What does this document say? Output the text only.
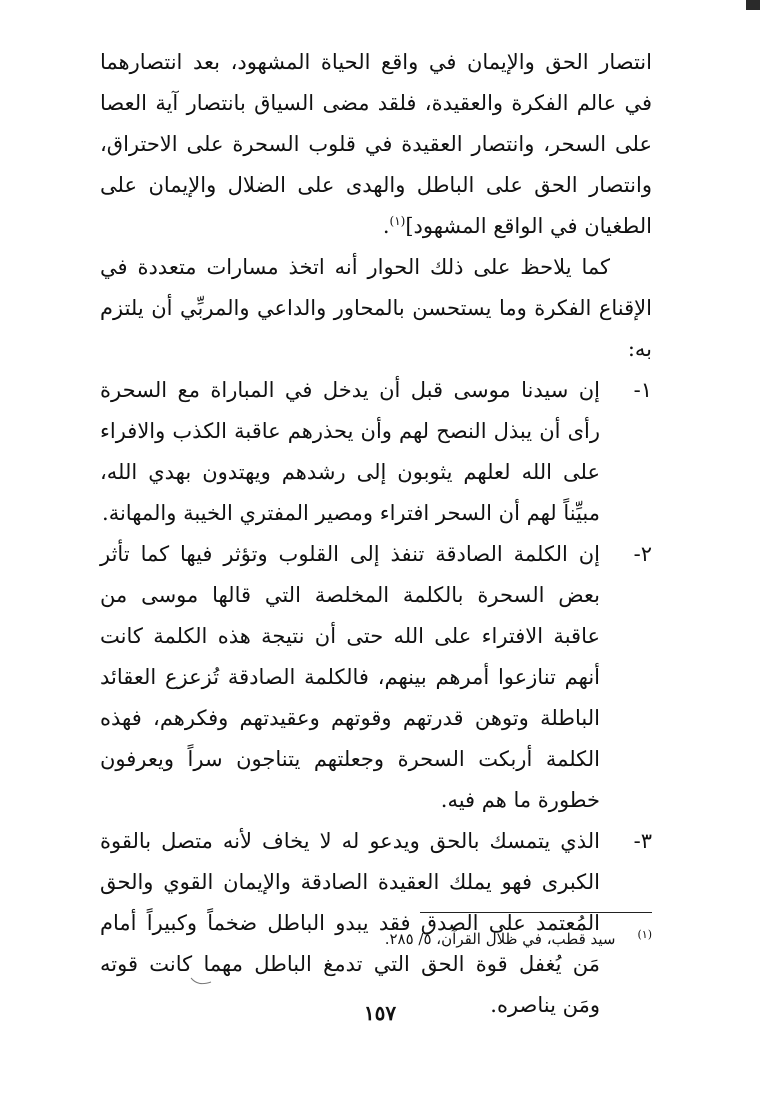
انتصار الحق والإيمان في واقع الحياة المشهود، بعد انتصارهما في عالم الفكرة والعقيدة، فلقد مضى السياق بانتصار آية العصا على السحر، وانتصار العقيدة في قلوب السحرة على الاحتراق، وانتصار الحق على الباطل والهدى على الضلال والإيمان على الطغيان في الواقع المشهود]$^{(١)}$.

كما يلاحظ على ذلك الحوار أنه اتخذ مسارات متعددة في الإقناع الفكرة وما يستحسن بالمحاور والداعي والمربِّي أن يلتزم به:

١-
إن سيدنا موسى قبل أن يدخل في المباراة مع السحرة رأى أن يبذل النصح لهم وأن يحذرهم عاقبة الكذب والافراء على الله لعلهم يثوبون إلى رشدهم ويهتدون بهدي الله، مبيِّناً لهم أن السحر افتراء ومصير المفتري الخيبة والمهانة.
٢-
إن الكلمة الصادقة تنفذ إلى القلوب وتؤثر فيها كما تأثر بعض السحرة بالكلمة المخلصة التي قالها موسى من عاقبة الافتراء على الله حتى أن نتيجة هذه الكلمة كانت أنهم تنازعوا أمرهم بينهم، فالكلمة الصادقة تُزعزع العقائد الباطلة وتوهن قدرتهم وقوتهم وعقيدتهم وفكرهم، فهذه الكلمة أربكت السحرة وجعلتهم يتناجون سراً ويعرفون خطورة ما هم فيه.
٣-
الذي يتمسك بالحق ويدعو له لا يخاف لأنه متصل بالقوة الكبرى فهو يملك العقيدة الصادقة والإيمان القوي والحق المُعتمد على الصدق فقد يبدو الباطل ضخماً وكبيراً أمام مَن يُغفل قوة الحق التي تدمغ الباطل مهما كانت قوته ومَن يناصره.
(١)
سيد قطب، في ظلال القرآن، ٥/ ٢٨٥.
١٥٧
